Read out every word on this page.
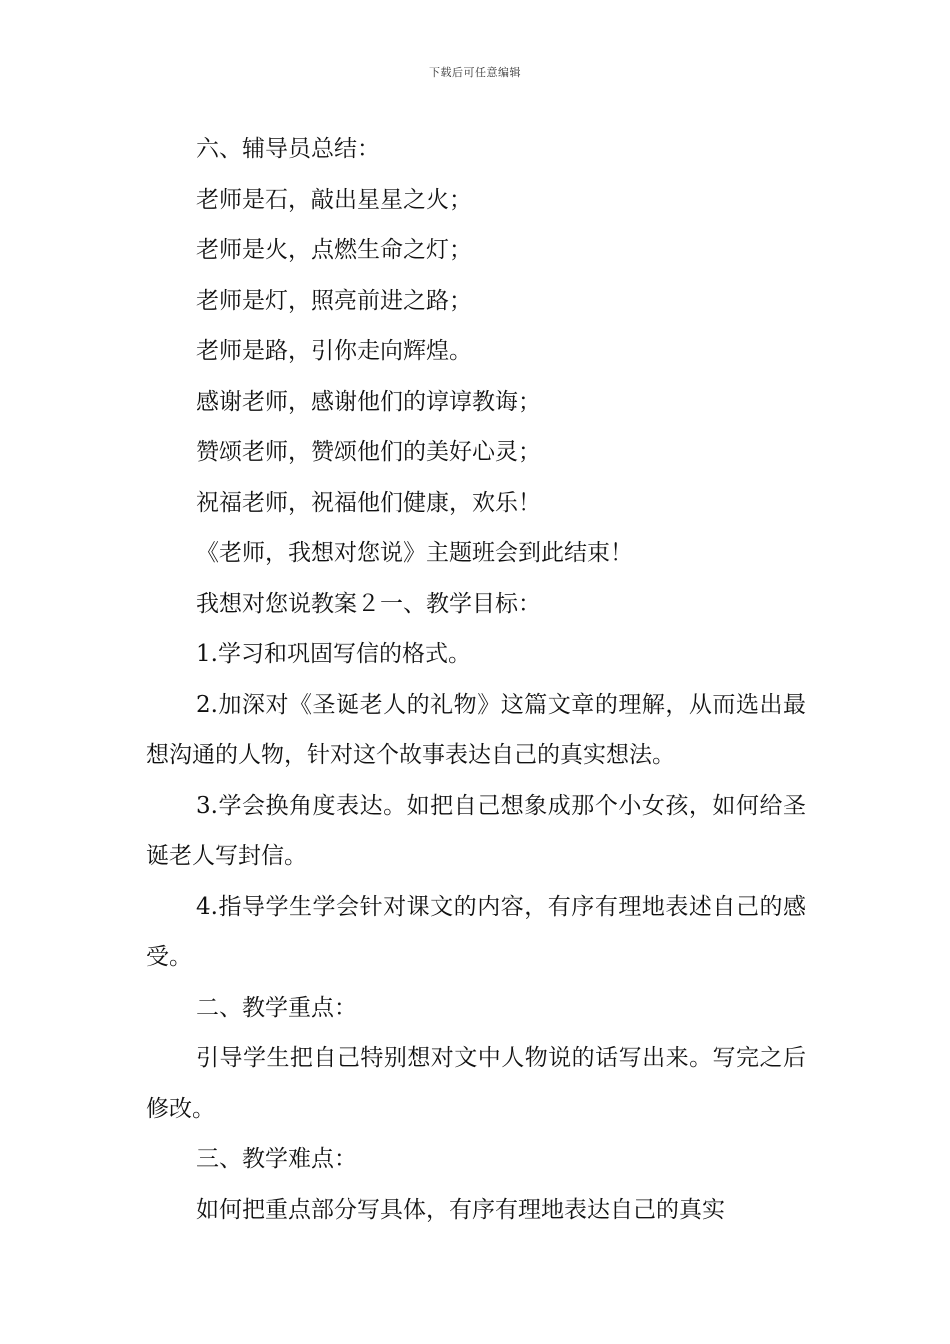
下载后可任意编辑

六、辅导员总结：

老师是石，敲出星星之火；

老师是火，点燃生命之灯；

老师是灯，照亮前进之路；

老师是路，引你走向辉煌。

感谢老师，感谢他们的谆谆教诲；

赞颂老师，赞颂他们的美好心灵；

祝福老师，祝福他们健康，欢乐！

《老师，我想对您说》主题班会到此结束！

我想对您说教案２一、教学目标：

1.学习和巩固写信的格式。

2.加深对《圣诞老人的礼物》这篇文章的理解，从而选出最想沟通的人物，针对这个故事表达自己的真实想法。

3.学会换角度表达。如把自己想象成那个小女孩，如何给圣诞老人写封信。

4.指导学生学会针对课文的内容，有序有理地表述自己的感受。

二、教学重点：

引导学生把自己特别想对文中人物说的话写出来。写完之后修改。

三、教学难点：

如何把重点部分写具体，有序有理地表达自己的真实
